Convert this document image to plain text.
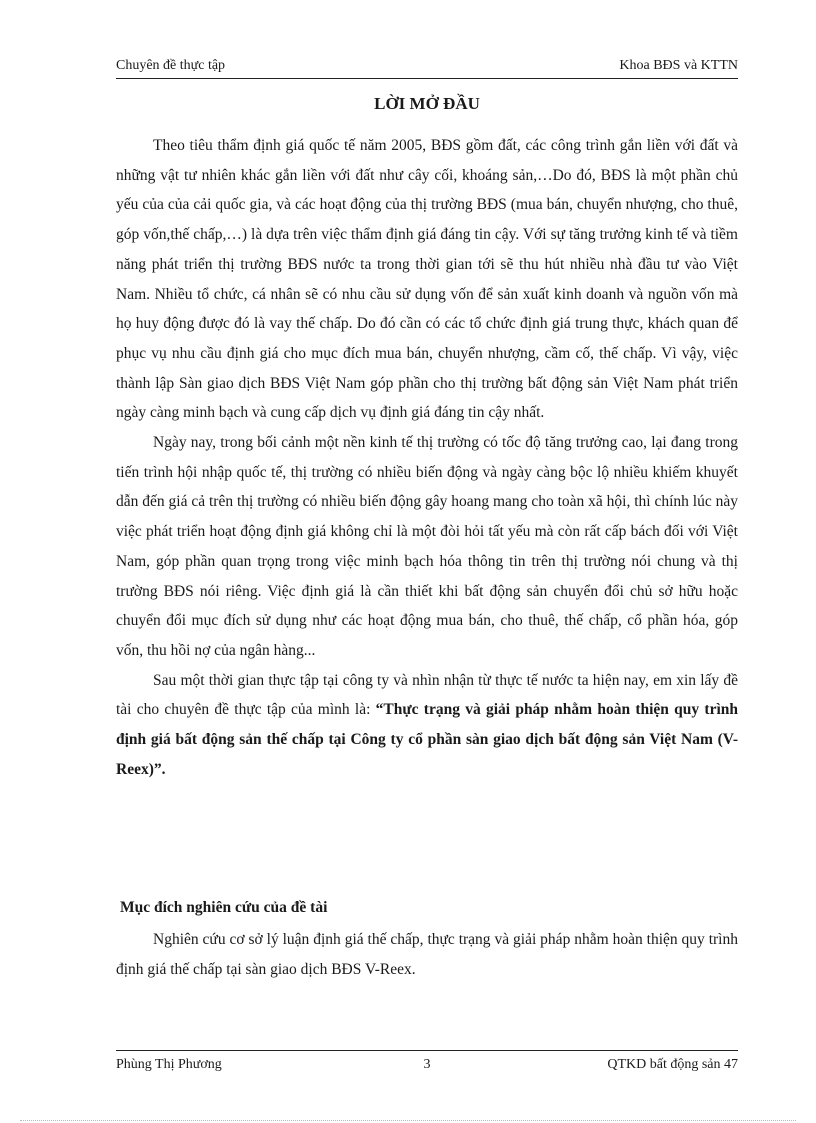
Chuyên đề thực tập	Khoa BĐS và KTTN
LỜI MỞ ĐẦU

Theo tiêu thẩm định giá quốc tế năm 2005, BĐS gồm đất, các công trình gắn liền với đất và những vật tư nhiên khác gắn liền với đất như cây cối, khoáng sản,…Do đó, BĐS là một phần chủ yếu của của cải quốc gia, và các hoạt động của thị trường BĐS (mua bán, chuyển nhượng, cho thuê, góp vốn,thế chấp,…) là dựa trên việc thẩm định giá đáng tin cậy. Với sự tăng trưởng kinh tế và tiềm năng phát triển thị trường BĐS nước ta trong thời gian tới sẽ thu hút nhiều nhà đầu tư vào Việt Nam. Nhiều tổ chức, cá nhân sẽ có nhu cầu sử dụng vốn để sản xuất kinh doanh và nguồn vốn mà họ huy động được đó là vay thế chấp. Do đó cần có các tổ chức định giá trung thực, khách quan để phục vụ nhu cầu định giá cho mục đích mua bán, chuyển nhượng, cầm cố, thế chấp. Vì vậy, việc thành lập Sàn giao dịch BĐS Việt Nam góp phần cho thị trường bất động sản Việt Nam phát triển ngày càng minh bạch và cung cấp dịch vụ định giá đáng tin cậy nhất.

Ngày nay, trong bối cảnh một nền kinh tế thị trường có tốc độ tăng trưởng cao, lại đang trong tiến trình hội nhập quốc tế, thị trường có nhiều biến động và ngày càng bộc lộ nhiều khiếm khuyết dẫn đến giá cả trên thị trường có nhiều biến động gây hoang mang cho toàn xã hội, thì chính lúc này việc phát triển hoạt động định giá không chỉ là một đòi hỏi tất yếu mà còn rất cấp bách đối với Việt Nam, góp phần quan trọng trong việc minh bạch hóa thông tin trên thị trường nói chung và thị trường BĐS nói riêng. Việc định giá là cần thiết khi bất động sản chuyển đổi chủ sở hữu hoặc chuyển đổi mục đích sử dụng như các hoạt động mua bán, cho thuê, thế chấp, cổ phần hóa, góp vốn, thu hồi nợ của ngân hàng...

Sau một thời gian thực tập tại công ty và nhìn nhận từ thực tế nước ta hiện nay, em xin lấy đề tài cho chuyên đề thực tập của mình là: “Thực trạng và giải pháp nhằm hoàn thiện quy trình định giá bất động sản thế chấp tại Công ty cổ phần sàn giao dịch bất động sản Việt Nam (V-Reex)”.

Mục đích nghiên cứu của đề tài

Nghiên cứu cơ sở lý luận định giá thế chấp, thực trạng và giải pháp nhằm hoàn thiện quy trình định giá thế chấp tại sàn giao dịch BĐS V-Reex.

Phùng Thị Phương	3	QTKD bất động sản 47
